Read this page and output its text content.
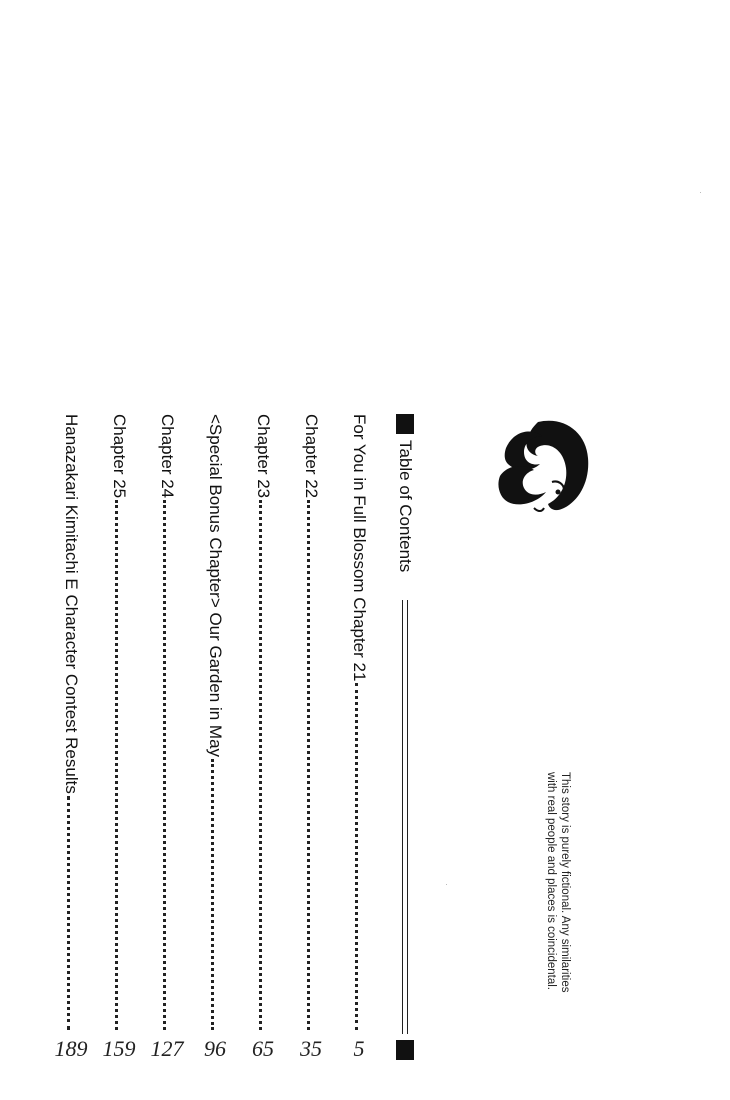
This story is purely fictional. Any similarities
with real people and places is coincidental.
Table of Contents
For You in Full Blossom Chapter 21
Chapter 22
Chapter 23
<Special Bonus Chapter> Our Garden in May
Chapter 24
Chapter 25
Hanazakari Kimitachi E Character Contest Results
5
35
65
96
127
159
189
